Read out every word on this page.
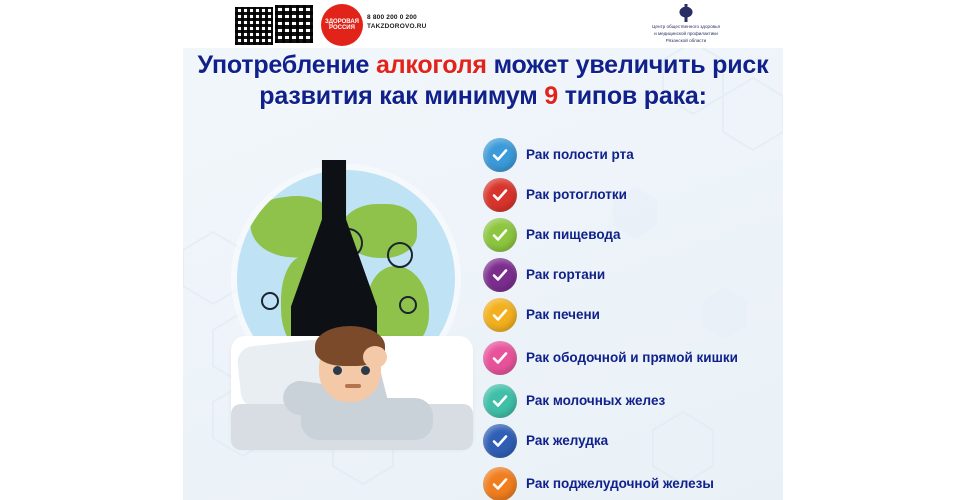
ЗДОРОВАЯ РОССИЯ
8 800 200 0 200
TAKZDOROVO.RU	Центр общественного здоровья
и медицинской профилактики
Рязанской области
Употребление алкоголя может увеличить риск развития как минимум 9 типов рака:
Рак полости рта
Рак ротоглотки
Рак пищевода
Рак гортани
Рак печени
Рак ободочной и прямой кишки
Рак молочных желез
Рак желудка
Рак поджелудочной железы
